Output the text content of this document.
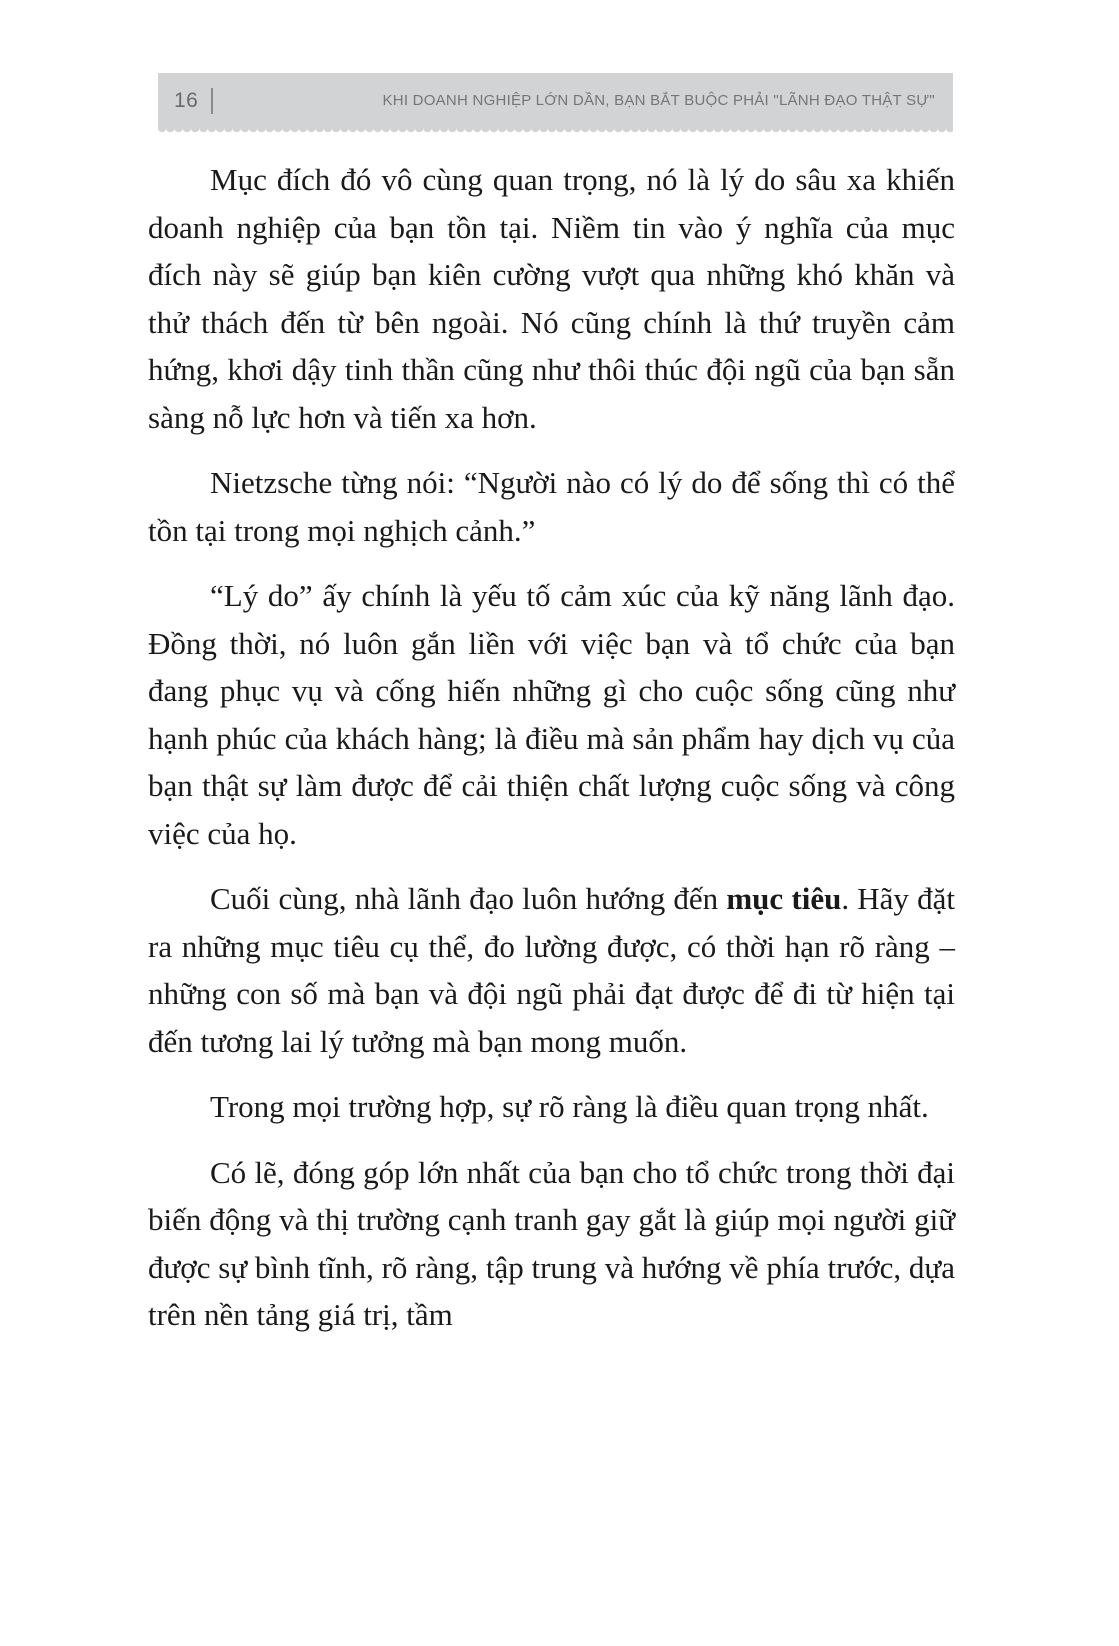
16	KHI DOANH NGHIỆP LỚN DẦN, BẠN BẮT BUỘC PHẢI "LÃNH ĐẠO THẬT SỰ"

Mục đích đó vô cùng quan trọng, nó là lý do sâu xa khiến doanh nghiệp của bạn tồn tại. Niềm tin vào ý nghĩa của mục đích này sẽ giúp bạn kiên cường vượt qua những khó khăn và thử thách đến từ bên ngoài. Nó cũng chính là thứ truyền cảm hứng, khơi dậy tinh thần cũng như thôi thúc đội ngũ của bạn sẵn sàng nỗ lực hơn và tiến xa hơn.

Nietzsche từng nói: “Người nào có lý do để sống thì có thể tồn tại trong mọi nghịch cảnh.”

“Lý do” ấy chính là yếu tố cảm xúc của kỹ năng lãnh đạo. Đồng thời, nó luôn gắn liền với việc bạn và tổ chức của bạn đang phục vụ và cống hiến những gì cho cuộc sống cũng như hạnh phúc của khách hàng; là điều mà sản phẩm hay dịch vụ của bạn thật sự làm được để cải thiện chất lượng cuộc sống và công việc của họ.

Cuối cùng, nhà lãnh đạo luôn hướng đến mục tiêu. Hãy đặt ra những mục tiêu cụ thể, đo lường được, có thời hạn rõ ràng – những con số mà bạn và đội ngũ phải đạt được để đi từ hiện tại đến tương lai lý tưởng mà bạn mong muốn.

Trong mọi trường hợp, sự rõ ràng là điều quan trọng nhất.

Có lẽ, đóng góp lớn nhất của bạn cho tổ chức trong thời đại biến động và thị trường cạnh tranh gay gắt là giúp mọi người giữ được sự bình tĩnh, rõ ràng, tập trung và hướng về phía trước, dựa trên nền tảng giá trị, tầm
